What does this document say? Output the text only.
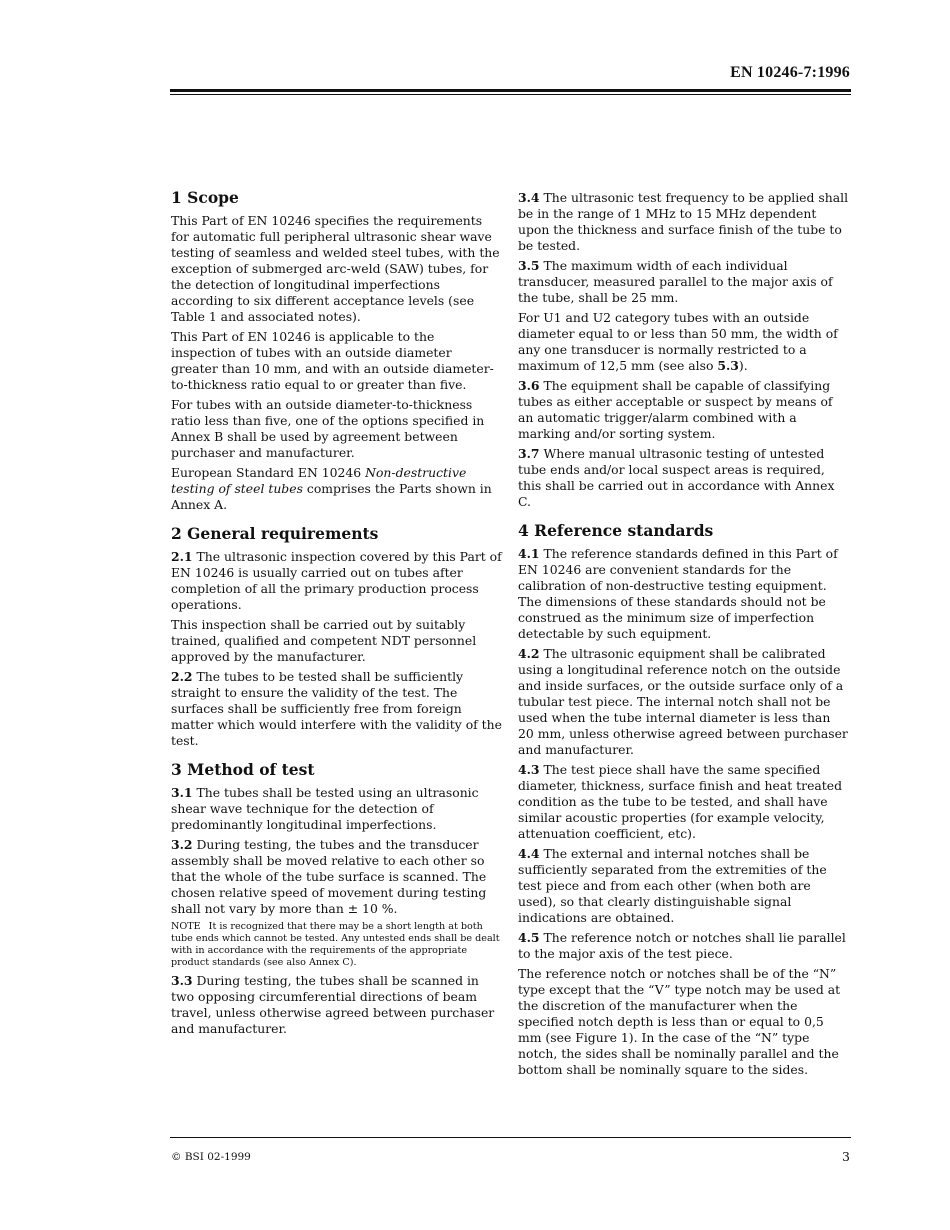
EN 10246-7:1996
1 Scope

This Part of EN 10246 specifies the requirements for automatic full peripheral ultrasonic shear wave testing of seamless and welded steel tubes, with the exception of submerged arc-weld (SAW) tubes, for the detection of longitudinal imperfections according to six different acceptance levels (see Table 1 and associated notes).

This Part of EN 10246 is applicable to the inspection of tubes with an outside diameter greater than 10 mm, and with an outside diameter-to-thickness ratio equal to or greater than five.

For tubes with an outside diameter-to-thickness ratio less than five, one of the options specified in Annex B shall be used by agreement between purchaser and manufacturer.

European Standard EN 10246 Non-destructive testing of steel tubes comprises the Parts shown in Annex A.

2 General requirements

2.1 The ultrasonic inspection covered by this Part of EN 10246 is usually carried out on tubes after completion of all the primary production process operations.

This inspection shall be carried out by suitably trained, qualified and competent NDT personnel approved by the manufacturer.

2.2 The tubes to be tested shall be sufficiently straight to ensure the validity of the test. The surfaces shall be sufficiently free from foreign matter which would interfere with the validity of the test.

3 Method of test

3.1 The tubes shall be tested using an ultrasonic shear wave technique for the detection of predominantly longitudinal imperfections.

3.2 During testing, the tubes and the transducer assembly shall be moved relative to each other so that the whole of the tube surface is scanned. The chosen relative speed of movement during testing shall not vary by more than ± 10 %.

NOTE It is recognized that there may be a short length at both tube ends which cannot be tested. Any untested ends shall be dealt with in accordance with the requirements of the appropriate product standards (see also Annex C).

3.3 During testing, the tubes shall be scanned in two opposing circumferential directions of beam travel, unless otherwise agreed between purchaser and manufacturer.

3.4 The ultrasonic test frequency to be applied shall be in the range of 1 MHz to 15 MHz dependent upon the thickness and surface finish of the tube to be tested.

3.5 The maximum width of each individual transducer, measured parallel to the major axis of the tube, shall be 25 mm.

For U1 and U2 category tubes with an outside diameter equal to or less than 50 mm, the width of any one transducer is normally restricted to a maximum of 12,5 mm (see also 5.3).

3.6 The equipment shall be capable of classifying tubes as either acceptable or suspect by means of an automatic trigger/alarm combined with a marking and/or sorting system.

3.7 Where manual ultrasonic testing of untested tube ends and/or local suspect areas is required, this shall be carried out in accordance with Annex C.

4 Reference standards

4.1 The reference standards defined in this Part of EN 10246 are convenient standards for the calibration of non-destructive testing equipment. The dimensions of these standards should not be construed as the minimum size of imperfection detectable by such equipment.

4.2 The ultrasonic equipment shall be calibrated using a longitudinal reference notch on the outside and inside surfaces, or the outside surface only of a tubular test piece. The internal notch shall not be used when the tube internal diameter is less than 20 mm, unless otherwise agreed between purchaser and manufacturer.

4.3 The test piece shall have the same specified diameter, thickness, surface finish and heat treated condition as the tube to be tested, and shall have similar acoustic properties (for example velocity, attenuation coefficient, etc).

4.4 The external and internal notches shall be sufficiently separated from the extremities of the test piece and from each other (when both are used), so that clearly distinguishable signal indications are obtained.

4.5 The reference notch or notches shall lie parallel to the major axis of the test piece.

The reference notch or notches shall be of the “N” type except that the “V” type notch may be used at the discretion of the manufacturer when the specified notch depth is less than or equal to 0,5 mm (see Figure 1). In the case of the “N” type notch, the sides shall be nominally parallel and the bottom shall be nominally square to the sides.

© BSI 02-1999	3
